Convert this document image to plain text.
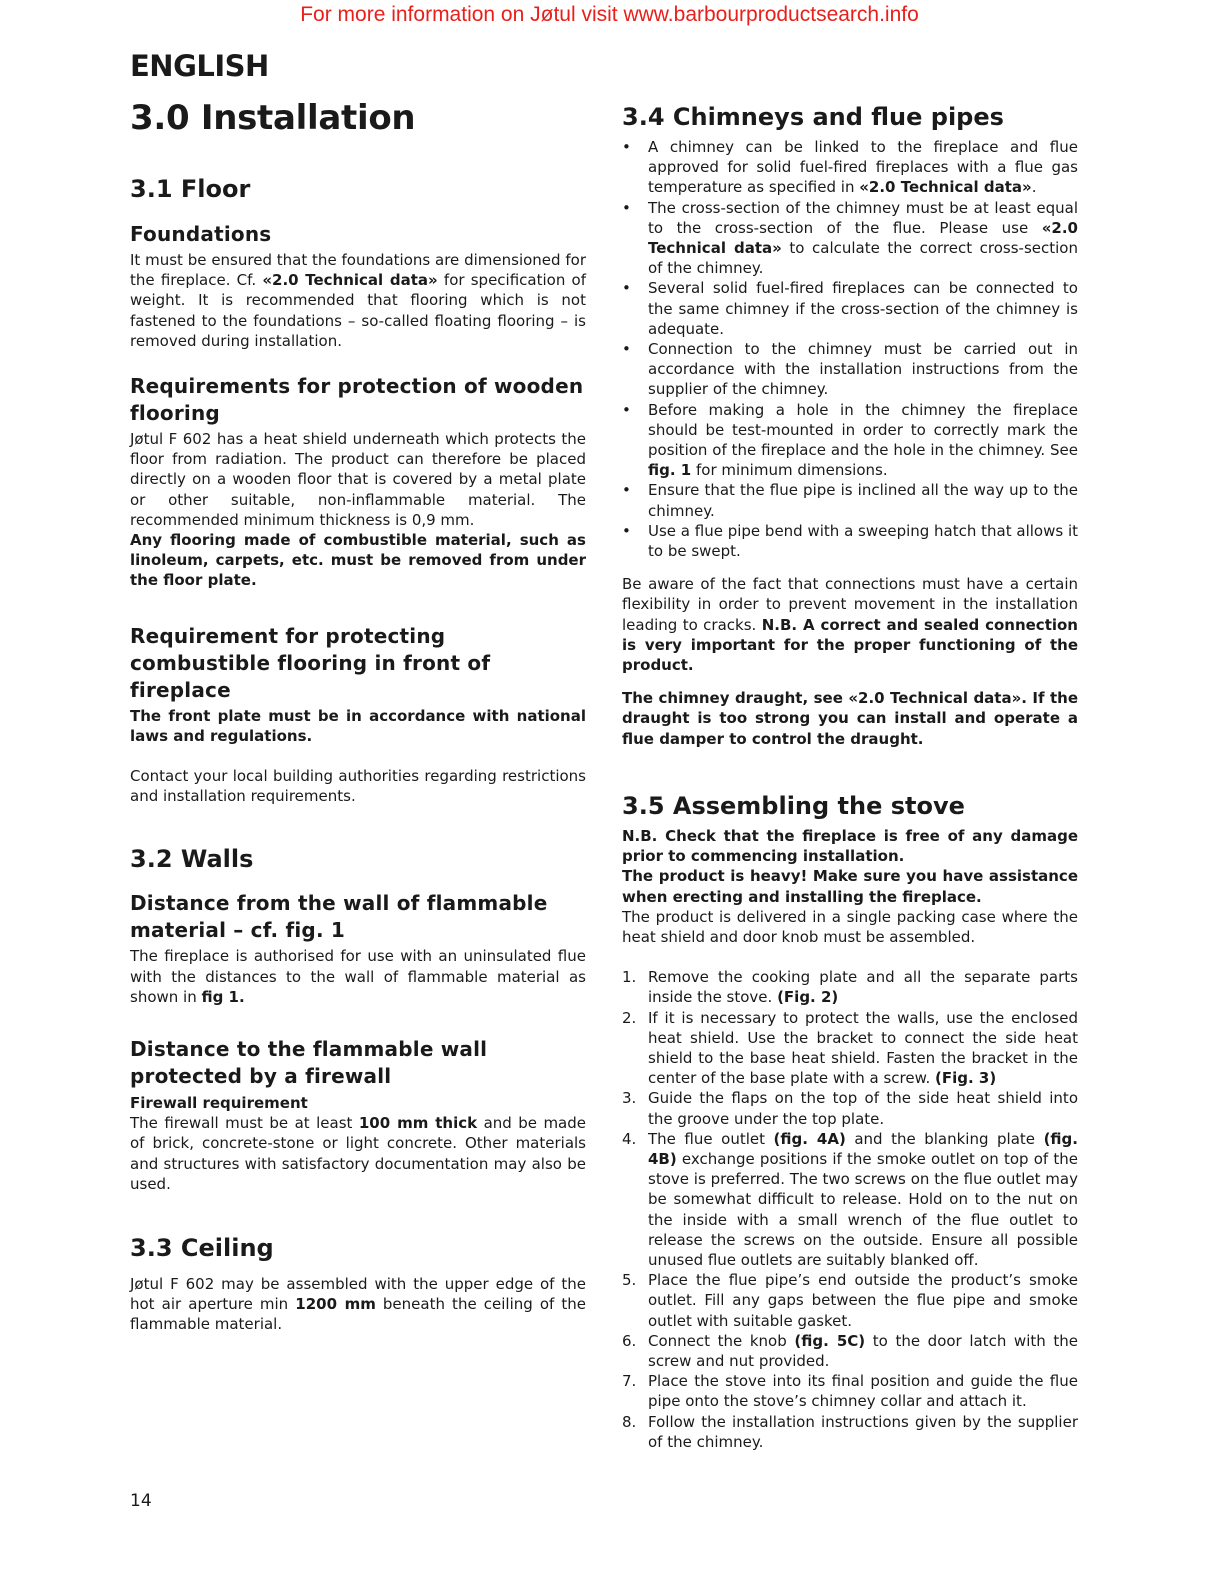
For more information on Jøtul visit www.barbourproductsearch.info
ENGLISH
3.0 Installation
3.1 Floor
Foundations

It must be ensured that the foundations are dimensioned for the fireplace. Cf. «2.0 Technical data» for specification of weight. It is recommended that flooring which is not fastened to the foundations – so-called floating flooring – is removed during installation.

Requirements for protection of wooden flooring

Jøtul F 602 has a heat shield underneath which protects the floor from radiation. The product can therefore be placed directly on a wooden floor that is covered by a metal plate or other suitable, non-inflammable material. The recommended minimum thickness is 0,9 mm.

Any flooring made of combustible material, such as linoleum, carpets, etc. must be removed from under the floor plate.

Requirement for protecting combustible flooring in front of fireplace

The front plate must be in accordance with national laws and regulations.

Contact your local building authorities regarding restrictions and installation requirements.

3.2 Walls
Distance from the wall of flammable material – cf. fig. 1

The fireplace is authorised for use with an uninsulated flue with the distances to the wall of flammable material as shown in fig 1.

Distance to the flammable wall protected by a firewall

Firewall requirement

The firewall must be at least 100 mm thick and be made of brick, concrete-stone or light concrete. Other materials and structures with satisfactory documentation may also be used.

3.3 Ceiling

Jøtul F 602 may be assembled with the upper edge of the hot air aperture min 1200 mm beneath the ceiling of the flammable material.

3.4 Chimneys and flue pipes
• A chimney can be linked to the fireplace and flue approved for solid fuel-fired fireplaces with a flue gas temperature as specified in «2.0 Technical data».
• The cross-section of the chimney must be at least equal to the cross-section of the flue. Please use «2.0 Technical data» to calculate the correct cross-section of the chimney.
• Several solid fuel-fired fireplaces can be connected to the same chimney if the cross-section of the chimney is adequate.
• Connection to the chimney must be carried out in accordance with the installation instructions from the supplier of the chimney.
• Before making a hole in the chimney the fireplace should be test-mounted in order to correctly mark the position of the fireplace and the hole in the chimney. See fig. 1 for minimum dimensions.
• Ensure that the flue pipe is inclined all the way up to the chimney.
• Use a flue pipe bend with a sweeping hatch that allows it to be swept.

Be aware of the fact that connections must have a certain flexibility in order to prevent movement in the installation leading to cracks. N.B. A correct and sealed connection is very important for the proper functioning of the product.

The chimney draught, see «2.0 Technical data». If the draught is too strong you can install and operate a flue damper to control the draught.

3.5 Assembling the stove

N.B. Check that the fireplace is free of any damage prior to commencing installation.

The product is heavy! Make sure you have assistance when erecting and installing the fireplace.

The product is delivered in a single packing case where the heat shield and door knob must be assembled.

1. Remove the cooking plate and all the separate parts inside the stove. (Fig. 2)
2. If it is necessary to protect the walls, use the enclosed heat shield. Use the bracket to connect the side heat shield to the base heat shield. Fasten the bracket in the center of the base plate with a screw. (Fig. 3)
3. Guide the flaps on the top of the side heat shield into the groove under the top plate.
4. The flue outlet (fig. 4A) and the blanking plate (fig. 4B) exchange positions if the smoke outlet on top of the stove is preferred. The two screws on the flue outlet may be somewhat difficult to release. Hold on to the nut on the inside with a small wrench of the flue outlet to release the screws on the outside. Ensure all possible unused flue outlets are suitably blanked off.
5. Place the flue pipe’s end outside the product’s smoke outlet. Fill any gaps between the flue pipe and smoke outlet with suitable gasket.
6. Connect the knob (fig. 5C) to the door latch with the screw and nut provided.
7. Place the stove into its final position and guide the flue pipe onto the stove’s chimney collar and attach it.
8. Follow the installation instructions given by the supplier of the chimney.
14
